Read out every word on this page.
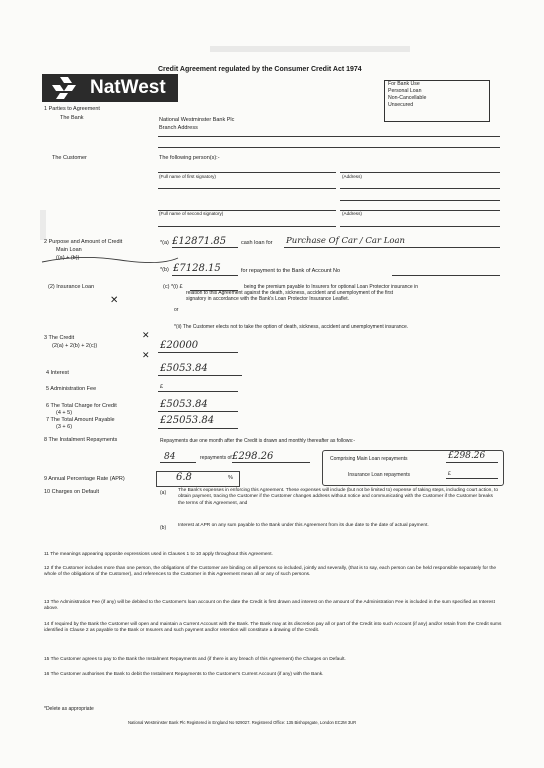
Credit Agreement regulated by the Consumer Credit Act 1974
NatWest	For Bank Use
Personal Loan
Non-Cancellable
Unsecured
1 Parties to Agreement
The Bank	National Westminster Bank Plc
Branch Address
The Customer	The following person(s):-
(Full name of first signatory)	(Address)
(Full name of second signatory)	(Address)
2 Purpose and Amount of Credit
Main Loan
((a) + (b))
*(a) £12871.85	cash loan for Purchase Of Car / Car Loan
*(b) £7128.15	for repayment to the Bank of Account No
(2) Insurance Loan	(c) *(i) £	being the premium payable to Insurers for optional Loan Protector insurance in
relation to this Agreement against the death, sickness, accident and unemployment of the first
signatory in accordance with the Bank's Loan Protector Insurance Leaflet.
or
*(ii) The Customer elects not to take the option of death, sickness, accident and unemployment insurance.
✕
✕
✕
3 The Credit
(2(a) + 2(b) + 2(c))	£20000
4 Interest	£5053.84
5 Administration Fee	£
6 The Total Charge for Credit
(4 + 5)
£5053.84
7 The Total Amount Payable
(3 + 6)
£25053.84
8 The Instalment Repayments	Repayments due one month after the Credit is drawn and monthly thereafter as follows:-
84	repayments of £298.26	Comprising Main Loan repayments	£298.26
Insurance Loan repayments	£
9 Annual Percentage Rate (APR)	6.8	%
10 Charges on Default	(a) The Bank's expenses in enforcing this Agreement. These expenses will include (but not be limited to) expense of taking steps, including court action, to obtain payment, tracing the Customer if the Customer changes address without notice and communicating with the Customer if the Customer breaks the terms of this Agreement, and
(b) Interest at APR on any sum payable to the Bank under this Agreement from its due date to the date of actual payment.
11 The meanings appearing opposite expressions used in Clauses 1 to 10 apply throughout this Agreement.
12 If the Customer includes more than one person, the obligations of the Customer are binding on all persons so included, jointly and severally, (that is to say, each person can be held responsible separately for the whole of the obligations of the Customer), and references to the Customer in this Agreement mean all or any of such persons.
13 The Administration Fee (if any) will be debited to the Customer's loan account on the date the Credit is first drawn and interest on the amount of the Administration Fee is included in the sum specified as Interest above.
14 If required by the Bank the Customer will open and maintain a Current Account with the Bank. The Bank may at its discretion pay all or part of the Credit into such Account (if any) and/or retain from the Credit sums identified in Clause 2 as payable to the Bank or Insurers and such payment and/or retention will constitute a drawing of the Credit.
15 The Customer agrees to pay to the Bank the Instalment Repayments and (if there is any breach of this Agreement) the Charges on Default.
16 The Customer authorises the Bank to debit the Instalment Repayments to the Customer's Current Account (if any) with the Bank.
*Delete as appropriate
National Westminster Bank Plc Registered in England No 929027. Registered Office: 135 Bishopsgate, London EC2M 3UR
